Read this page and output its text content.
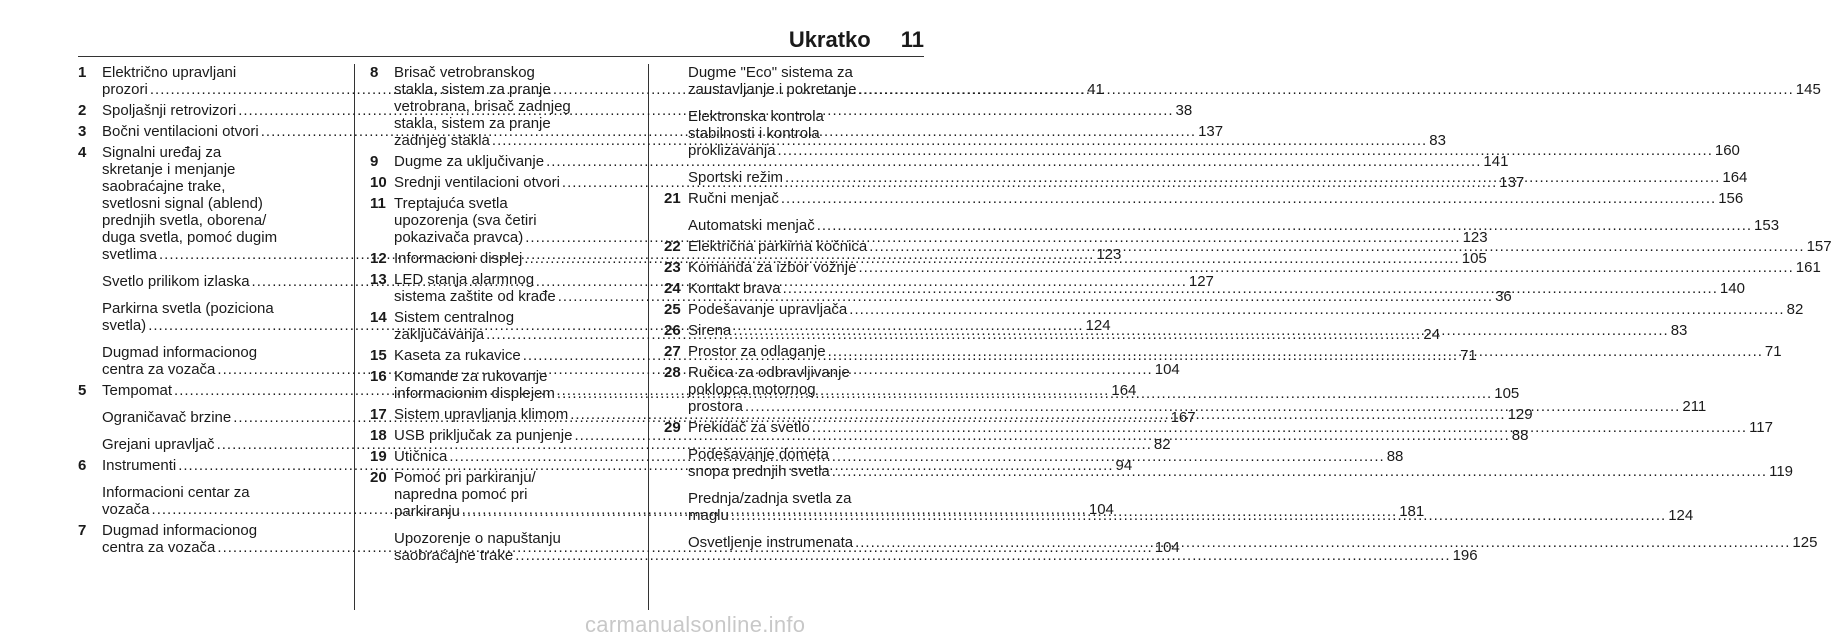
Ukratko 11
1	Električno upravljani
prozori .....	41
2	Spoljašnji retrovizori .....	38
3	Bočni ventilacioni otvori .....	137
4	Signalni uređaj za
skretanje i menjanje
saobraćajne trake,
svetlosni signal (ablend)
prednjih svetla, oborena/
duga svetla, pomoć dugim
svetlima .....	123
Svetlo prilikom izlaska .....	127
Parkirna svetla (poziciona
svetla) .....	124
Dugmad informacionog
centra za vozača .....	104
5	Tempomat .....	164
Ograničavač brzine .....	167
Grejani upravljač .....	82
6	Instrumenti .....	94
Informacioni centar za
vozača .....	104
7	Dugmad informacionog
centra za vozača .....	104
8	Brisač vetrobranskog
stakla, sistem za pranje
vetrobrana, brisač zadnjeg
stakla, sistem za pranje
zadnjeg stakla .....	83
9	Dugme za uključivanje .....	141
10 Srednji ventilacioni otvori .....	137
11 Treptajuća svetla
upozorenja (sva četiri
pokazivača pravca) .....	123
12 Informacioni displej .....	105
13 LED stanja alarmnog
sistema zaštite od krađe .....	36
14 Sistem centralnog
zaključavanja .....	24
15 Kaseta za rukavice .....	71
16 Komande za rukovanje
informacionim displejem .....	105
17 Sistem upravljanja klimom .....	129
18 USB priključak za punjenje .....	88
19 Utičnica .....	88
20 Pomoć pri parkiranju/
napredna pomoć pri
parkiranju .....	181
Upozorenje o napuštanju
saobraćajne trake .....	196
Dugme "Eco" sistema za
zaustavljanje i pokretanje .....	145
Elektronska kontrola
stabilnosti i kontrola
proklizavanja .....	160
Sportski režim .....	164
21 Ručni menjač .....	156
Automatski menjač .....	153
22 Električna parkirna kočnica .....	157
23 Komanda za izbor vožnje .....	161
24 Kontakt brava .....	140
25 Podešavanje upravljača .....	82
26 Sirena .....	83
27 Prostor za odlaganje .....	71
28 Ručica za odbravljivanje
poklopca motornog
prostora .....	211
29 Prekidač za svetlo .....	117
Podešavanje dometa
snopa prednjih svetla .....	119
Prednja/zadnja svetla za
maglu .....	124
Osvetljenje instrumenata .....	125
carmanualsonline.info
